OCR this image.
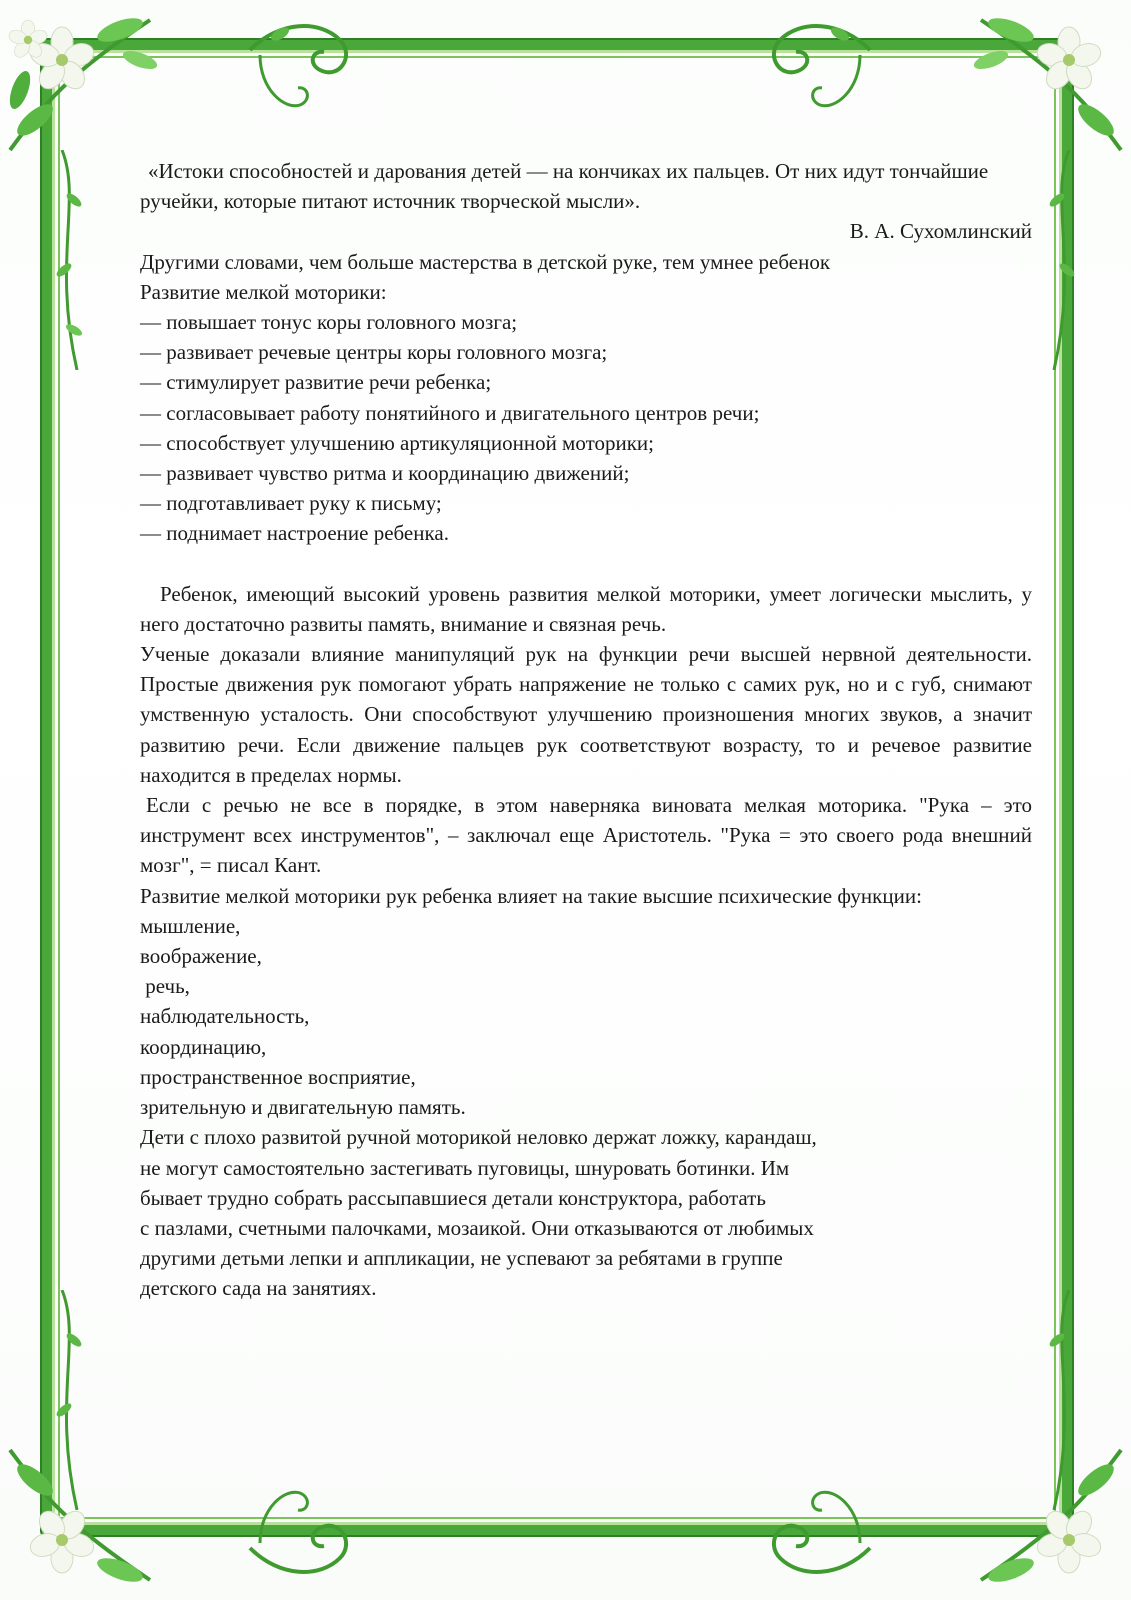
«Истоки способностей и дарования детей — на кончиках их пальцев. От них идут тончайшие ручейки, которые питают источник творческой мысли».

В. А. Сухомлинский

Другими словами, чем больше мастерства в детской руке, тем умнее ребенок

Развитие мелкой моторики:

— повышает тонус коры головного мозга;

— развивает речевые центры коры головного мозга;

— стимулирует развитие речи ребенка;

— согласовывает работу понятийного и двигательного центров речи;

— способствует улучшению артикуляционной моторики;

— развивает чувство ритма и координацию движений;

— подготавливает руку к письму;

— поднимает настроение ребенка.

Ребенок, имеющий высокий уровень развития мелкой моторики, умеет логически мыслить, у него достаточно развиты память, внимание и связная речь.

Ученые доказали влияние манипуляций рук на функции речи высшей нервной деятельности. Простые движения рук помогают убрать напряжение не только с самих рук, но и с губ, снимают умственную усталость. Они способствуют улучшению произношения многих звуков, а значит развитию речи. Если движение пальцев рук соответствуют возрасту, то и речевое развитие находится в пределах нормы.

Если с речью не все в порядке, в этом наверняка виновата мелкая моторика. "Рука – это инструмент всех инструментов", – заключал еще Аристотель. "Рука = это своего рода внешний мозг", = писал Кант.

Развитие мелкой моторики рук ребенка влияет на такие высшие психические функции:

мышление,

воображение,

речь,

наблюдательность,

координацию,

пространственное восприятие,

зрительную и двигательную память.

Дети с плохо развитой ручной моторикой неловко держат ложку, карандаш,

не могут самостоятельно застегивать пуговицы, шнуровать ботинки. Им

бывает трудно собрать рассыпавшиеся детали конструктора, работать

с пазлами, счетными палочками, мозаикой. Они отказываются от любимых

другими детьми лепки и аппликации, не успевают за ребятами в группе

детского сада на занятиях.
